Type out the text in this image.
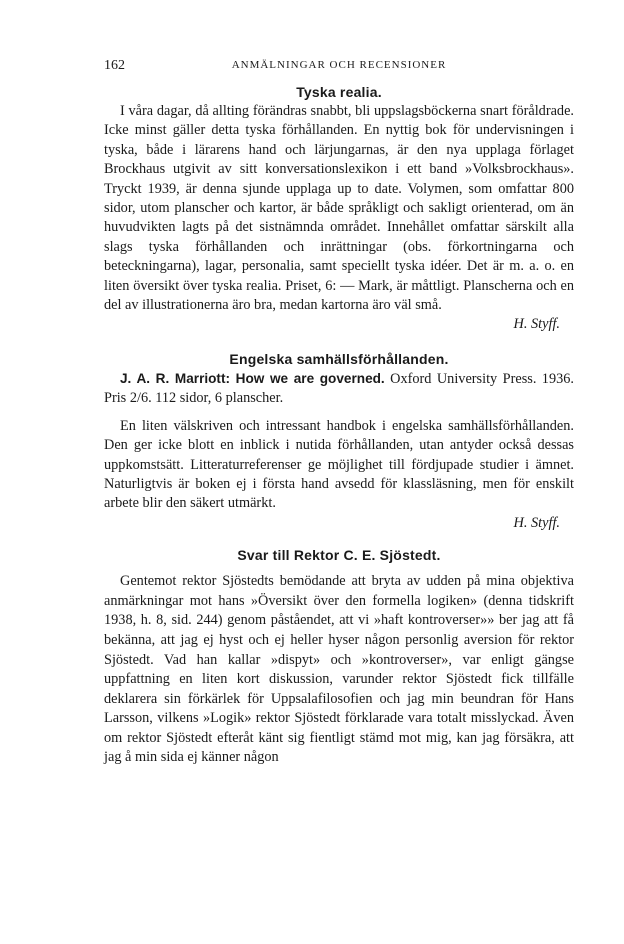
162	ANMÄLNINGAR OCH RECENSIONER
Tyska realia.

I våra dagar, då allting förändras snabbt, bli uppslagsböckerna snart föråldrade. Icke minst gäller detta tyska förhållanden. En nyttig bok för undervisningen i tyska, både i lärarens hand och lärjungarnas, är den nya upplaga förlaget Brockhaus utgivit av sitt konversationslexikon i ett band »Volksbrockhaus». Tryckt 1939, är denna sjunde upplaga up to date. Volymen, som omfattar 800 sidor, utom planscher och kartor, är både språkligt och sakligt orienterad, om än huvudvikten lagts på det sistnämnda området. Innehållet omfattar särskilt alla slags tyska förhållanden och inrättningar (obs. förkortningarna och beteckningarna), lagar, personalia, samt speciellt tyska idéer. Det är m. a. o. en liten översikt över tyska realia. Priset, 6: — Mark, är måttligt. Planscherna och en del av illustrationerna äro bra, medan kartorna äro väl små.

H. Styff.

Engelska samhällsförhållanden.

J. A. R. Marriott: How we are governed. Oxford University Press. 1936. Pris 2/6. 112 sidor, 6 planscher.

En liten välskriven och intressant handbok i engelska samhällsförhållanden. Den ger icke blott en inblick i nutida förhållanden, utan antyder också dessas uppkomstsätt. Litteraturreferenser ge möjlighet till fördjupade studier i ämnet. Naturligtvis är boken ej i första hand avsedd för klassläsning, men för enskilt arbete blir den säkert utmärkt.

H. Styff.

Svar till Rektor C. E. Sjöstedt.

Gentemot rektor Sjöstedts bemödande att bryta av udden på mina objektiva anmärkningar mot hans »Översikt över den formella logiken» (denna tidskrift 1938, h. 8, sid. 244) genom påståendet, att vi »haft kontroverser»» ber jag att få bekänna, att jag ej hyst och ej heller hyser någon personlig aversion för rektor Sjöstedt. Vad han kallar »dispyt» och »kontroverser», var enligt gängse uppfattning en liten kort diskussion, varunder rektor Sjöstedt fick tillfälle deklarera sin förkärlek för Uppsalafilosofien och jag min beundran för Hans Larsson, vilkens »Logik» rektor Sjöstedt förklarade vara totalt misslyckad. Även om rektor Sjöstedt efteråt känt sig fientligt stämd mot mig, kan jag försäkra, att jag å min sida ej känner någon
